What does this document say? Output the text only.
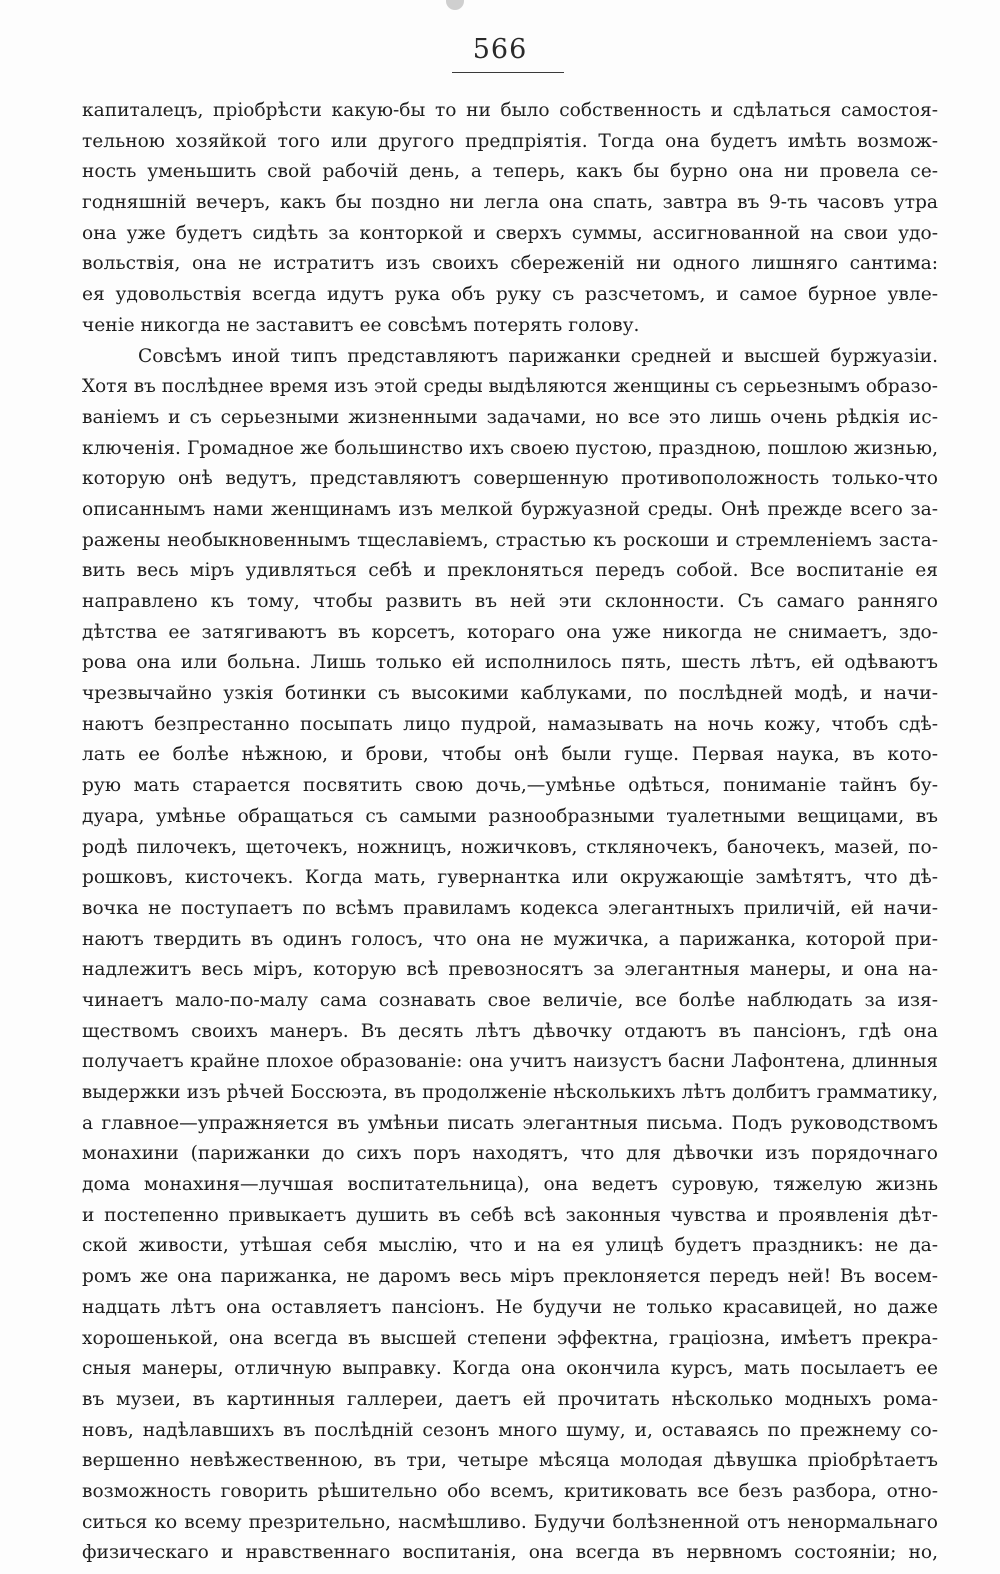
566
капиталецъ, пріобрѣсти какую-бы то ни было собственность и сдѣлаться самостоя-
тельною хозяйкой того или другого предпріятія. Тогда она будетъ имѣть возмож-
ность уменьшить свой рабочій день, а теперь, какъ бы бурно она ни провела се-
годняшній вечеръ, какъ бы поздно ни легла она спать, завтра въ 9-ть часовъ утра
она уже будетъ сидѣть за конторкой и сверхъ суммы, ассигнованной на свои удо-
вольствія, она не истратитъ изъ своихъ сбереженій ни одного лишняго сантима:
ея удовольствія всегда идутъ рука объ руку съ разсчетомъ, и самое бурное увле-
ченіе никогда не заставитъ ее совсѣмъ потерять голову.
Совсѣмъ иной типъ представляютъ парижанки средней и высшей буржуазіи.
Хотя въ послѣднее время изъ этой среды выдѣляются женщины съ серьезнымъ образо-
ваніемъ и съ серьезными жизненными задачами, но все это лишь очень рѣдкія ис-
ключенія. Громадное же большинство ихъ своею пустою, праздною, пошлою жизнью,
которую онѣ ведутъ, представляютъ совершенную противоположность только-что
описаннымъ нами женщинамъ изъ мелкой буржуазной среды. Онѣ прежде всего за-
ражены необыкновеннымъ тщеславіемъ, страстью къ роскоши и стремленіемъ заста-
вить весь міръ удивляться себѣ и преклоняться передъ собой. Все воспитаніе ея
направлено къ тому, чтобы развить въ ней эти склонности. Съ самаго ранняго
дѣтства ее затягиваютъ въ корсетъ, котораго она уже никогда не снимаетъ, здо-
рова она или больна. Лишь только ей исполнилось пять, шесть лѣтъ, ей одѣваютъ
чрезвычайно узкія ботинки съ высокими каблуками, по послѣдней модѣ, и начи-
наютъ безпрестанно посыпать лицо пудрой, намазывать на ночь кожу, чтобъ сдѣ-
лать ее болѣе нѣжною, и брови, чтобы онѣ были гуще. Первая наука, въ кото-
рую мать старается посвятить свою дочь,—умѣнье одѣться, пониманіе тайнъ бу-
дуара, умѣнье обращаться съ самыми разнообразными туалетными вещицами, въ
родѣ пилочекъ, щеточекъ, ножницъ, ножичковъ, стклянoчекъ, баночекъ, мазей, по-
рошковъ, кисточекъ. Когда мать, гувернантка или окружающіе замѣтятъ, что дѣ-
вочка не поступаетъ по всѣмъ правиламъ кодекса элегантныхъ приличій, ей начи-
наютъ твердить въ одинъ голосъ, что она не мужичка, а парижанка, которой при-
надлежитъ весь міръ, которую всѣ превозносятъ за элегантныя манеры, и она на-
чинаетъ мало-по-малу сама сознавать свое величіе, все болѣе наблюдать за изя-
ществомъ своихъ манеръ. Въ десять лѣтъ дѣвочку отдаютъ въ пансіонъ, гдѣ она
получаетъ крайне плохое образованіе: она учитъ наизустъ басни Лафонтена, длинныя
выдержки изъ рѣчей Боссюэта, въ продолженіе нѣсколькихъ лѣтъ долбитъ грамматику,
а главное—упражняется въ умѣньи писать элегантныя письма. Подъ руководствомъ
монахини (парижанки до сихъ поръ находятъ, что для дѣвочки изъ порядочнаго
дома монахиня—лучшая воспитательница), она ведетъ суровую, тяжелую жизнь
и постепенно привыкаетъ душить въ себѣ всѣ законныя чувства и проявленія дѣт-
ской живости, утѣшая себя мыслію, что и на ея улицѣ будетъ праздникъ: не да-
ромъ же она парижанка, не даромъ весь міръ преклоняется передъ ней! Въ восем-
надцать лѣтъ она оставляетъ пансіонъ. Не будучи не только красавицей, но даже
хорошенькой, она всегда въ высшей степени эффектна, граціозна, имѣетъ прекра-
сныя манеры, отличную выправку. Когда она окончила курсъ, мать посылаетъ ее
въ музеи, въ картинныя галлереи, даетъ ей прочитать нѣсколько модныхъ рома-
новъ, надѣлавшихъ въ послѣдній сезонъ много шуму, и, оставаясь по прежнему со-
вершенно невѣжественною, въ три, четыре мѣсяца молодая дѣвушка пріобрѣтаетъ
возможность говорить рѣшительно обо всемъ, критиковать все безъ разбора, отно-
ситься ко всему презрительно, насмѣшливо. Будучи болѣзненной отъ ненормальнаго
физическаго и нравственнаго воспитанія, она всегда въ нервномъ состояніи; но,
